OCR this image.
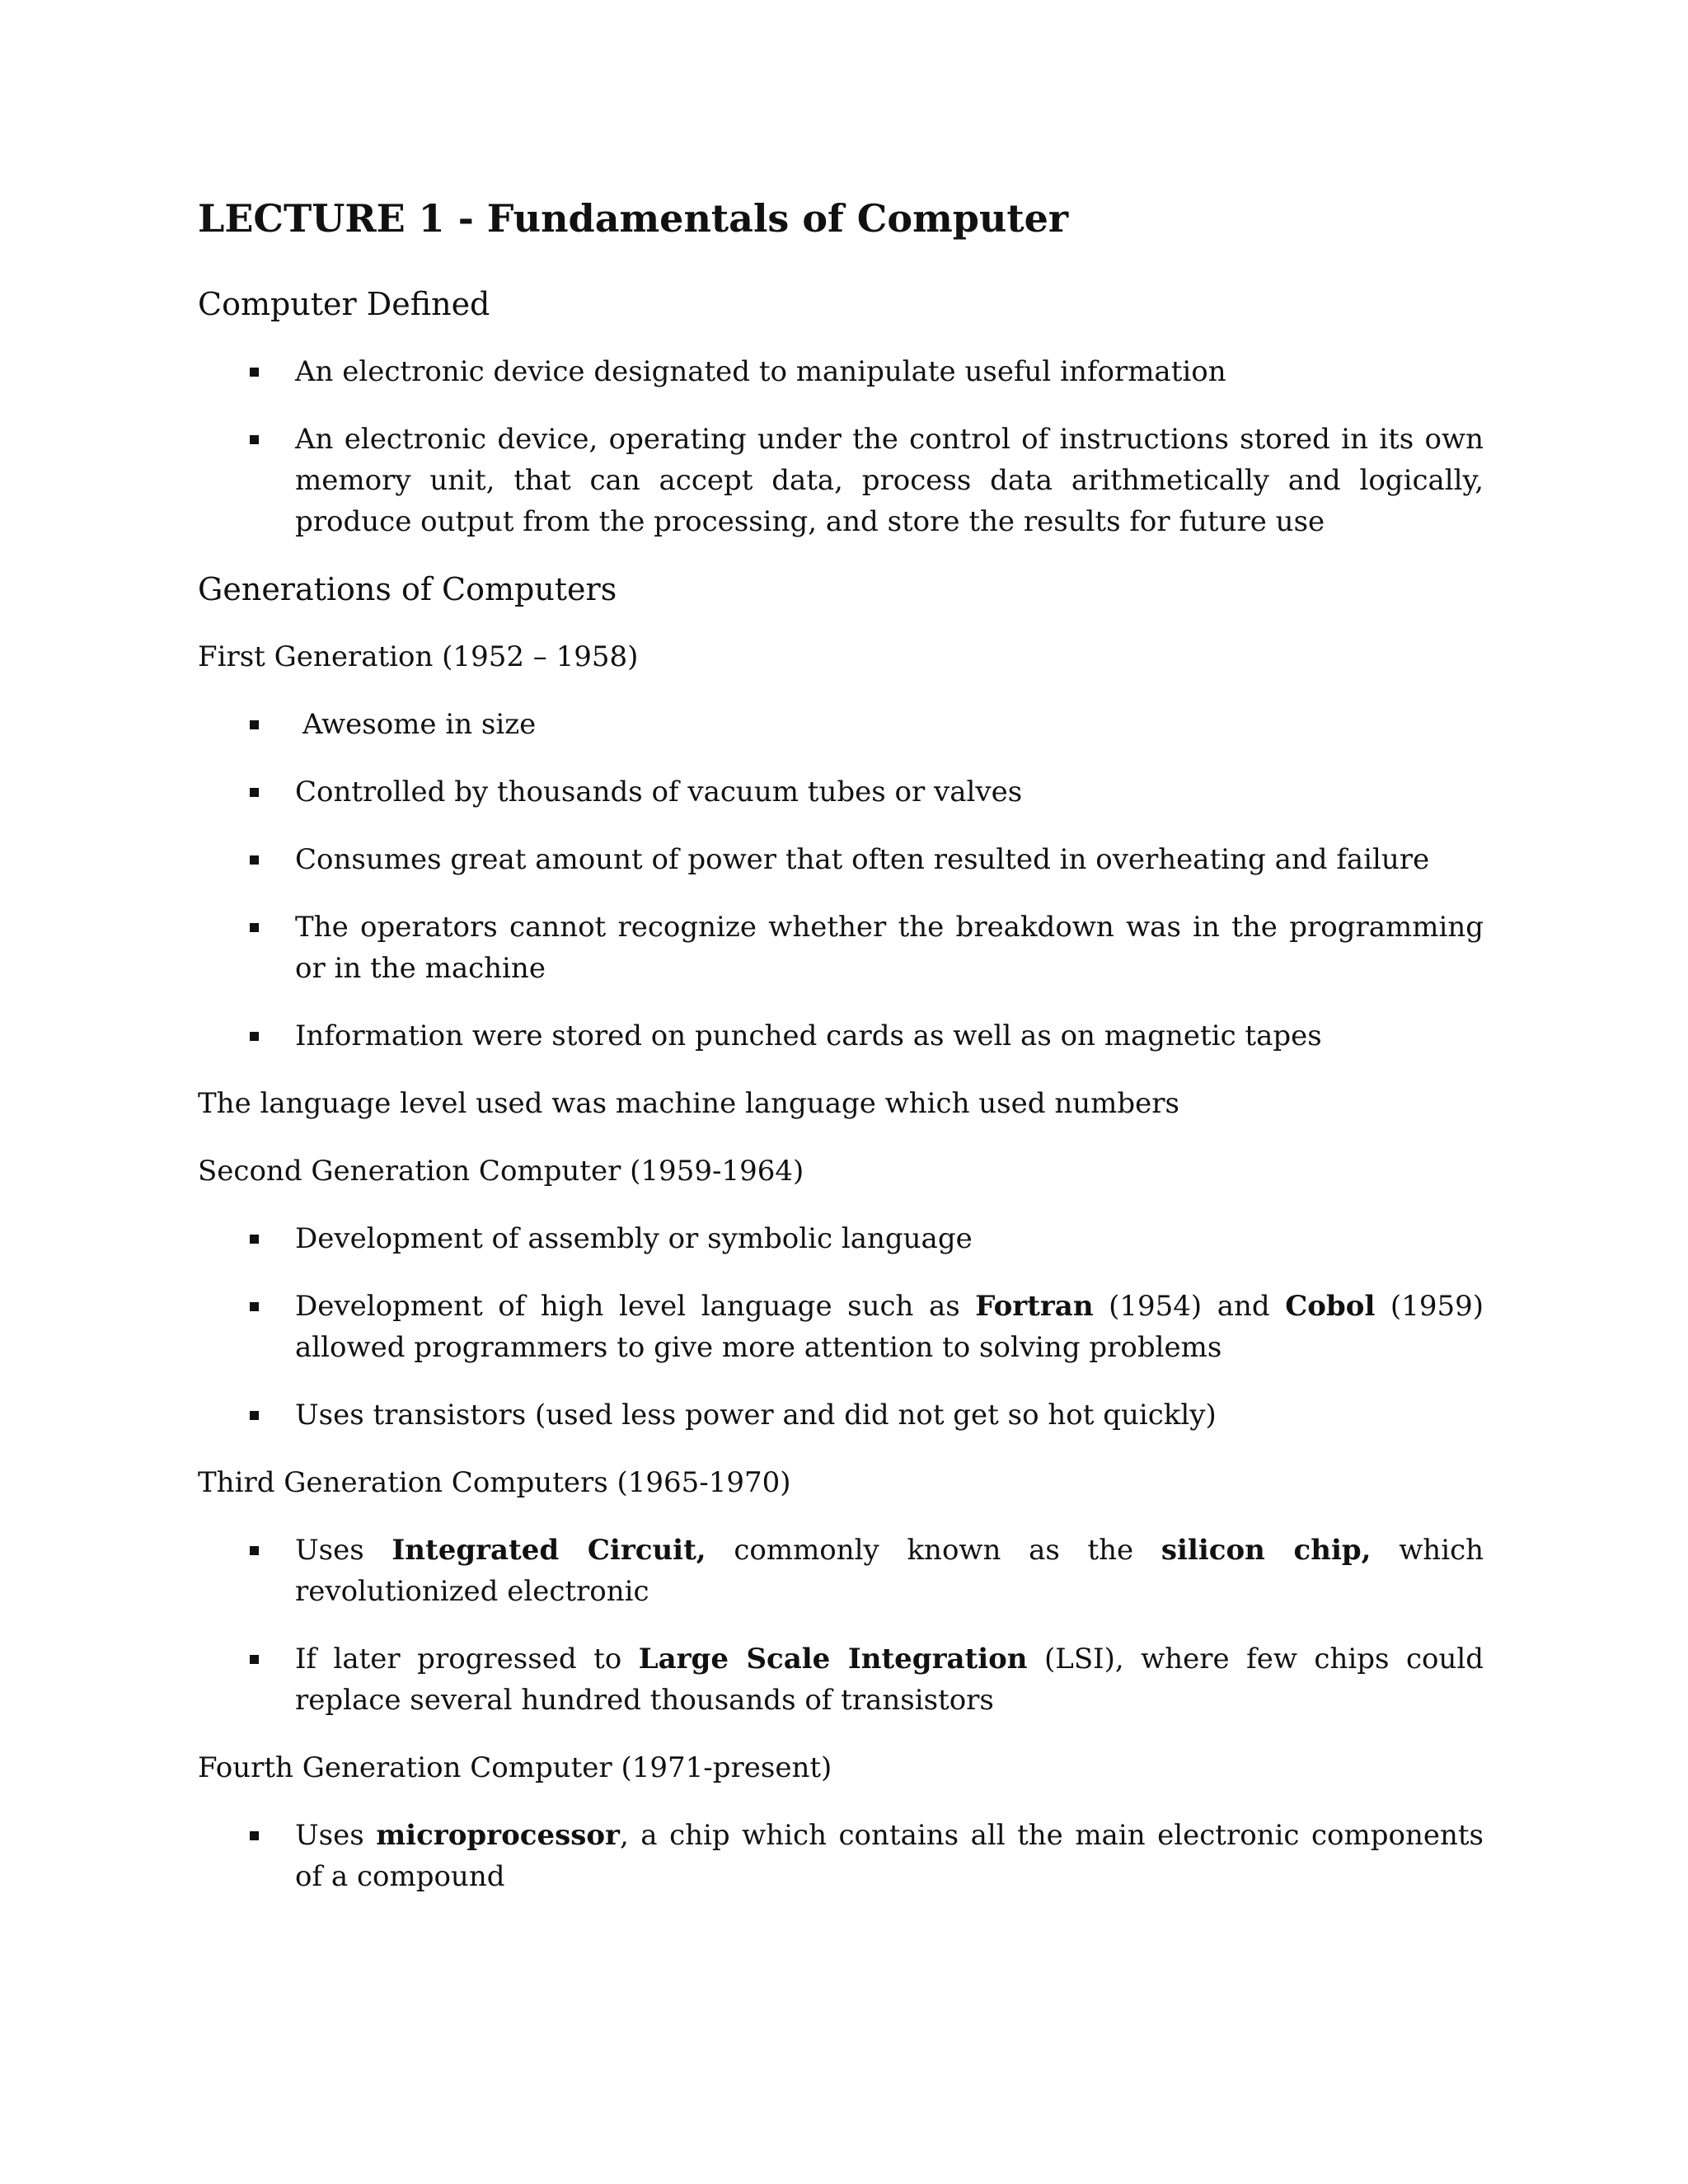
LECTURE 1 - Fundamentals of Computer
Computer Defined
An electronic device designated to manipulate useful information
An electronic device, operating under the control of instructions stored in its own memory unit, that can accept data, process data arithmetically and logically, produce output from the processing, and store the results for future use
Generations of Computers
First Generation (1952 – 1958)
Awesome in size
Controlled by thousands of vacuum tubes or valves
Consumes great amount of power that often resulted in overheating and failure
The operators cannot recognize whether the breakdown was in the programming or in the machine
Information were stored on punched cards as well as on magnetic tapes
The language level used was machine language which used numbers
Second Generation Computer (1959-1964)
Development of assembly or symbolic language
Development of high level language such as Fortran (1954) and Cobol (1959) allowed programmers to give more attention to solving problems
Uses transistors (used less power and did not get so hot quickly)
Third Generation Computers (1965-1970)
Uses Integrated Circuit, commonly known as the silicon chip, which revolutionized electronic
If later progressed to Large Scale Integration (LSI), where few chips could replace several hundred thousands of transistors
Fourth Generation Computer (1971-present)
Uses microprocessor, a chip which contains all the main electronic components of a compound
